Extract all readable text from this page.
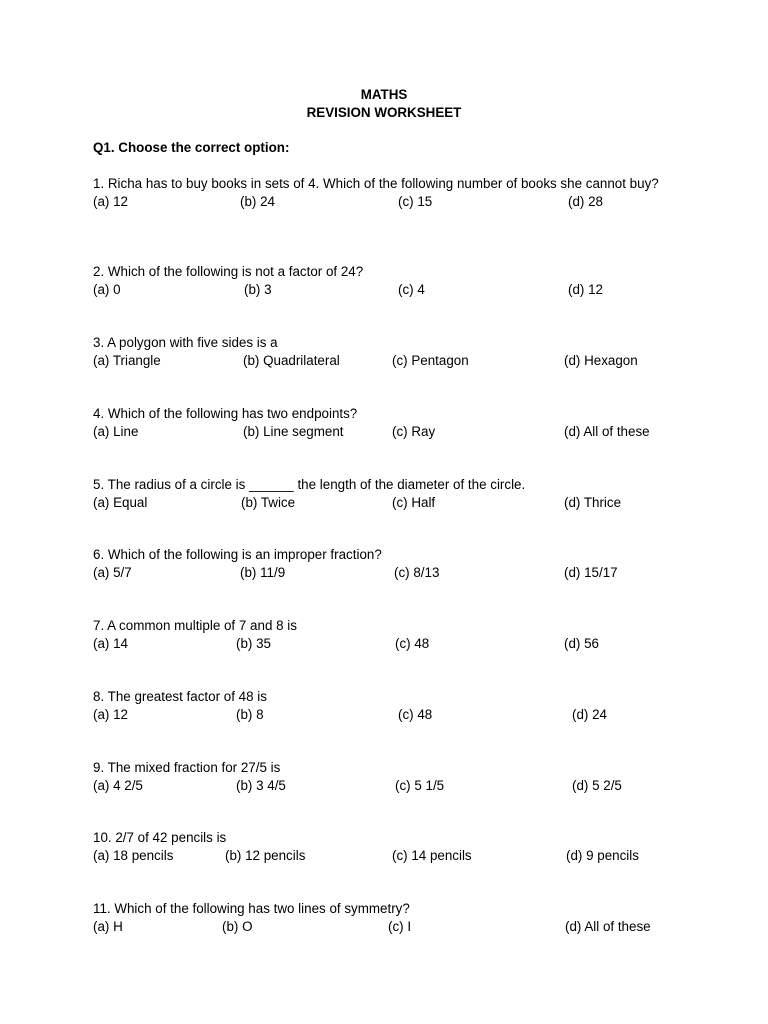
MATHS
REVISION WORKSHEET
Q1. Choose the correct option:
1. Richa has to buy books in sets of 4. Which of the following number of books she cannot buy?
(a) 12	(b) 24	(c) 15	(d) 28
2. Which of the following is not a factor of 24?
(a) 0	(b) 3	(c) 4	(d) 12
3. A polygon with five sides is a
(a) Triangle	(b) Quadrilateral	(c) Pentagon	(d) Hexagon
4. Which of the following has two endpoints?
(a) Line	(b) Line segment	(c) Ray	(d) All of these
5. The radius of a circle is ______ the length of the diameter of the circle.
(a) Equal	(b) Twice	(c) Half	(d) Thrice
6. Which of the following is an improper fraction?
(a) 5/7	(b) 11/9	(c) 8/13	(d) 15/17
7. A common multiple of 7 and 8 is
(a) 14	(b) 35	(c) 48	(d) 56
8. The greatest factor of 48 is
(a) 12	(b) 8	(c) 48	(d) 24
9. The mixed fraction for 27/5 is
(a) 4 2/5	(b) 3 4/5	(c) 5 1/5	(d) 5 2/5
10. 2/7 of 42 pencils is
(a) 18 pencils	(b) 12 pencils	(c) 14 pencils	(d) 9 pencils
11. Which of the following has two lines of symmetry?
(a) H	(b) O	(c) I	(d) All of these
